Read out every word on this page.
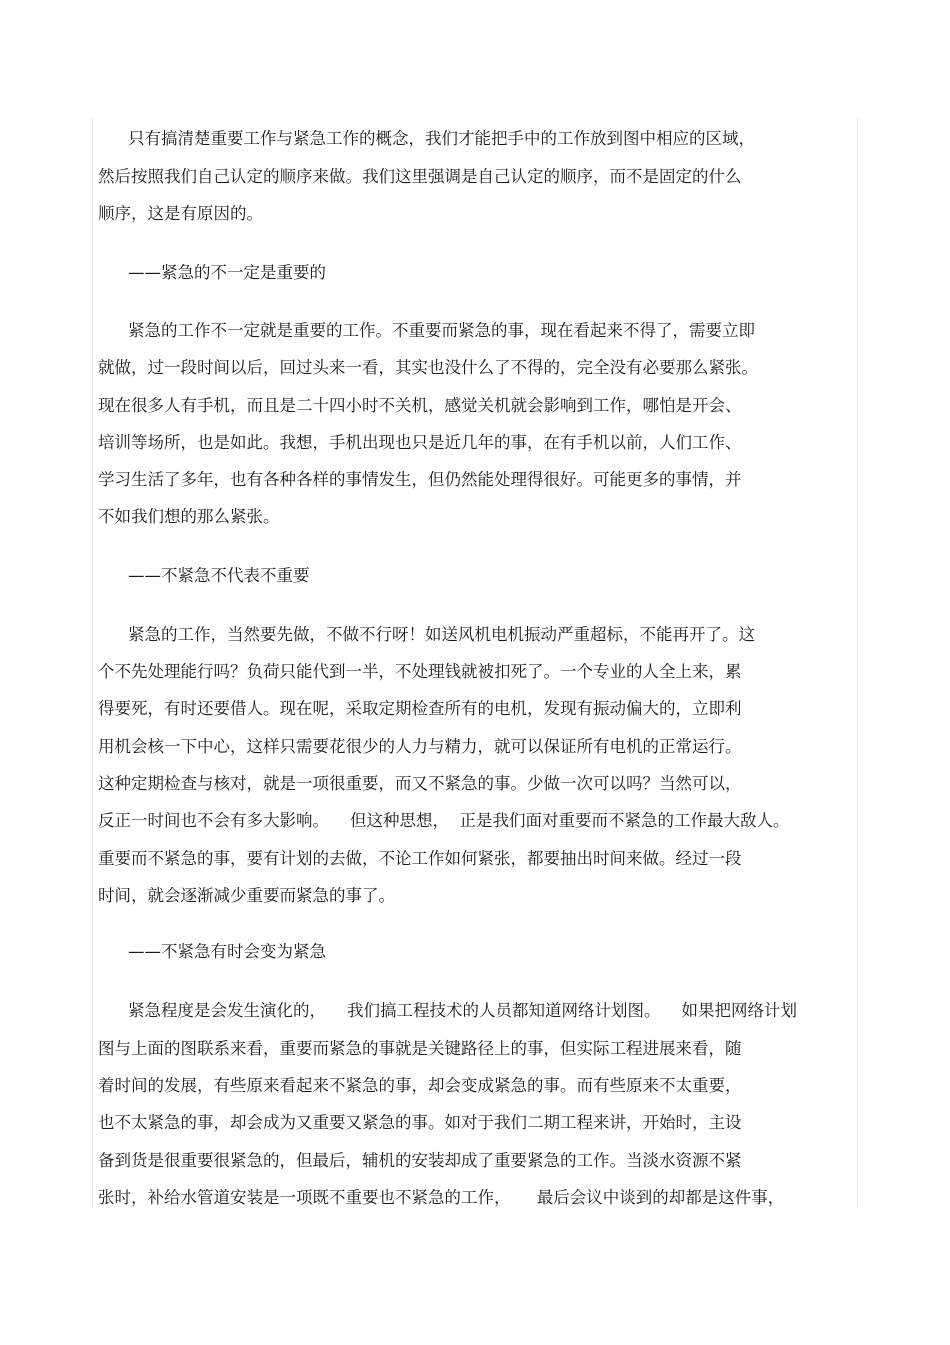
只有搞清楚重要工作与紧急工作的概念，我们才能把手中的工作放到图中相应的区域，
然后按照我们自己认定的顺序来做。我们这里强调是自己认定的顺序，而不是固定的什么
顺序，这是有原因的。
——紧急的不一定是重要的
紧急的工作不一定就是重要的工作。不重要而紧急的事，现在看起来不得了，需要立即
就做，过一段时间以后，回过头来一看，其实也没什么了不得的，完全没有必要那么紧张。
现在很多人有手机，而且是二十四小时不关机，感觉关机就会影响到工作，哪怕是开会、
培训等场所，也是如此。我想，手机出现也只是近几年的事，在有手机以前，人们工作、
学习生活了多年，也有各种各样的事情发生，但仍然能处理得很好。可能更多的事情，并
不如我们想的那么紧张。
——不紧急不代表不重要
紧急的工作，当然要先做，不做不行呀！如送风机电机振动严重超标，不能再开了。这
个不先处理能行吗？负荷只能代到一半，不处理钱就被扣死了。一个专业的人全上来，累
得要死，有时还要借人。现在呢，采取定期检查所有的电机，发现有振动偏大的，立即利
用机会核一下中心，这样只需要花很少的人力与精力，就可以保证所有电机的正常运行。
这种定期检查与核对，就是一项很重要，而又不紧急的事。少做一次可以吗？当然可以，
反正一时间也不会有多大影响。    但这种思想，  正是我们面对重要而不紧急的工作最大敌人。
重要而不紧急的事，要有计划的去做，不论工作如何紧张，都要抽出时间来做。经过一段
时间，就会逐渐减少重要而紧急的事了。
——不紧急有时会变为紧急
紧急程度是会发生演化的，    我们搞工程技术的人员都知道网络计划图。    如果把网络计划
图与上面的图联系来看，重要而紧急的事就是关键路径上的事，但实际工程进展来看，随
着时间的发展，有些原来看起来不紧急的事，却会变成紧急的事。而有些原来不太重要，
也不太紧急的事，却会成为又重要又紧急的事。如对于我们二期工程来讲，开始时，主设
备到货是很重要很紧急的，但最后，辅机的安装却成了重要紧急的工作。当淡水资源不紧
张时，补给水管道安装是一项既不重要也不紧急的工作，     最后会议中谈到的却都是这件事，
